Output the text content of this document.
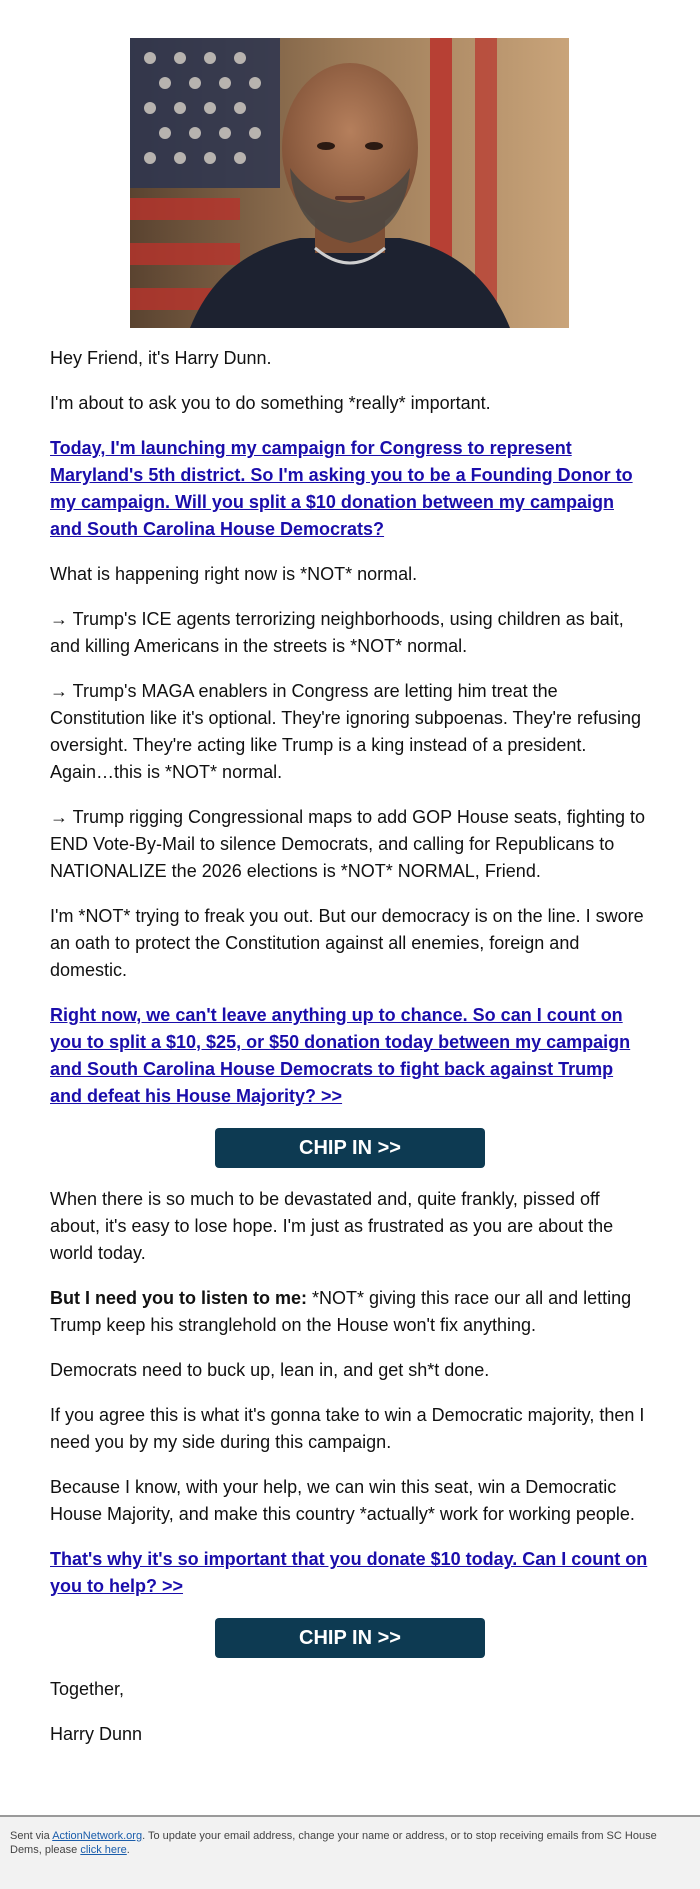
Hey Friend, it's Harry Dunn.

I'm about to ask you to do something *really* important.

Today, I'm launching my campaign for Congress to represent Maryland's 5th district. So I'm asking you to be a Founding Donor to my campaign. Will you split a $10 donation between my campaign and South Carolina House Democrats?

What is happening right now is *NOT* normal.

→ Trump's ICE agents terrorizing neighborhoods, using children as bait, and killing Americans in the streets is *NOT* normal.

→ Trump's MAGA enablers in Congress are letting him treat the Constitution like it's optional. They're ignoring subpoenas. They're refusing oversight. They're acting like Trump is a king instead of a president. Again…this is *NOT* normal.

→ Trump rigging Congressional maps to add GOP House seats, fighting to END Vote-By-Mail to silence Democrats, and calling for Republicans to NATIONALIZE the 2026 elections is *NOT* NORMAL, Friend.

I'm *NOT* trying to freak you out. But our democracy is on the line. I swore an oath to protect the Constitution against all enemies, foreign and domestic.

Right now, we can't leave anything up to chance. So can I count on you to split a $10, $25, or $50 donation today between my campaign and South Carolina House Democrats to fight back against Trump and defeat his House Majority? >>

CHIP IN >>

When there is so much to be devastated and, quite frankly, pissed off about, it's easy to lose hope. I'm just as frustrated as you are about the world today.

But I need you to listen to me: *NOT* giving this race our all and letting Trump keep his stranglehold on the House won't fix anything.

Democrats need to buck up, lean in, and get sh*t done.

If you agree this is what it's gonna take to win a Democratic majority, then I need you by my side during this campaign.

Because I know, with your help, we can win this seat, win a Democratic House Majority, and make this country *actually* work for working people.

That's why it's so important that you donate $10 today. Can I count on you to help? >>

CHIP IN >>

Together,

Harry Dunn

Sent via ActionNetwork.org. To update your email address, change your name or address, or to stop receiving emails from SC House Dems, please click here.
